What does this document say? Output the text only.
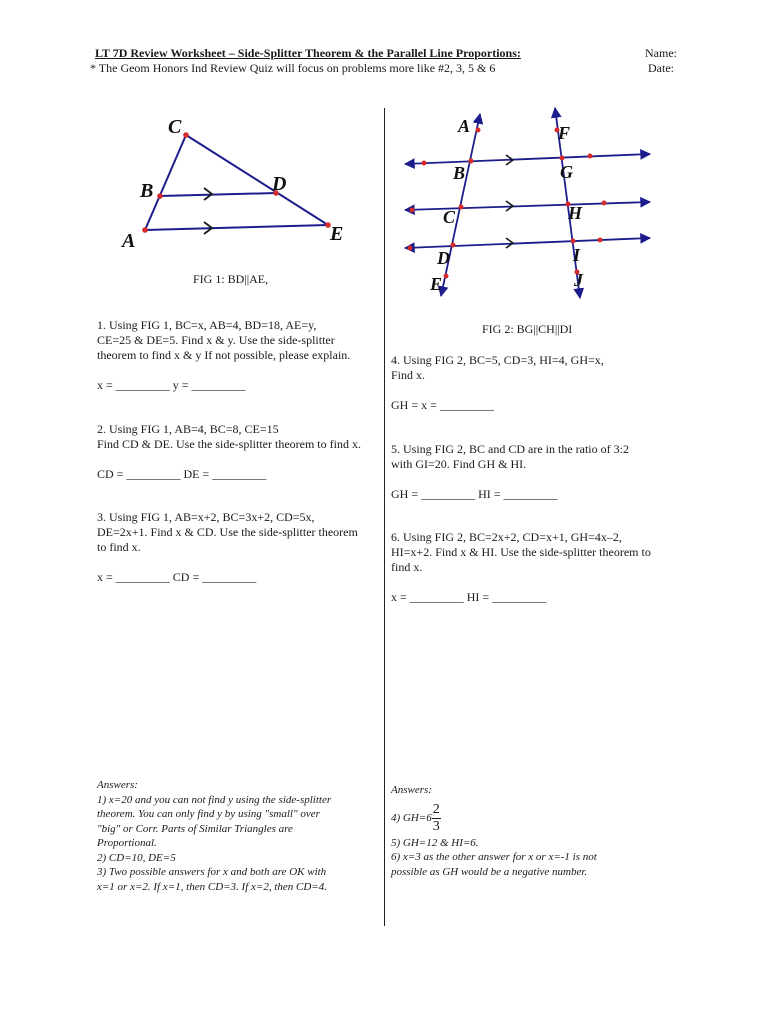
LT 7D Review Worksheet – Side-Splitter Theorem & the Parallel Line Proportions:
* The Geom Honors Ind Review Quiz will focus on problems more like #2, 3, 5 & 6
Name:
Date:
A
B
C
D
E
FIG 1: BD||AE,
A
B
C
D
E
F
G
H
I
J
FIG 2: BG||CH||DI
1. Using FIG 1, BC=x, AB=4, BD=18, AE=y,
CE=25 & DE=5. Find x & y. Use the side-splitter
theorem to find x & y If not possible, please explain.
x = _________ y = _________
2. Using FIG 1, AB=4, BC=8, CE=15
Find CD & DE. Use the side-splitter theorem to find x.
CD = _________ DE = _________
3. Using FIG 1, AB=x+2, BC=3x+2, CD=5x,
DE=2x+1. Find x & CD. Use the side-splitter theorem
to find x.
x = _________ CD = _________
4. Using FIG 2, BC=5, CD=3, HI=4, GH=x,
Find x.
GH = x = _________
5. Using FIG 2, BC and CD are in the ratio of 3:2
with GI=20. Find GH & HI.
GH = _________ HI = _________
6. Using FIG 2, BC=2x+2, CD=x+1, GH=4x–2,
HI=x+2. Find x & HI. Use the side-splitter theorem to
find x.
x = _________ HI = _________
Answers:
1) x=20 and you can not find y using the side-splitter
theorem. You can only find y by using "small" over
"big" or Corr. Parts of Similar Triangles are
Proportional.
2) CD=10, DE=5
3) Two possible answers for x and both are OK with
x=1 or x=2. If x=1, then CD=3. If x=2, then CD=4.
Answers:
4) $GH=6 \frac{2}{3}$
5) GH=12 & HI=6.
6) x=3 as the other answer for x or x=-1 is not
possible as GH would be a negative number.
